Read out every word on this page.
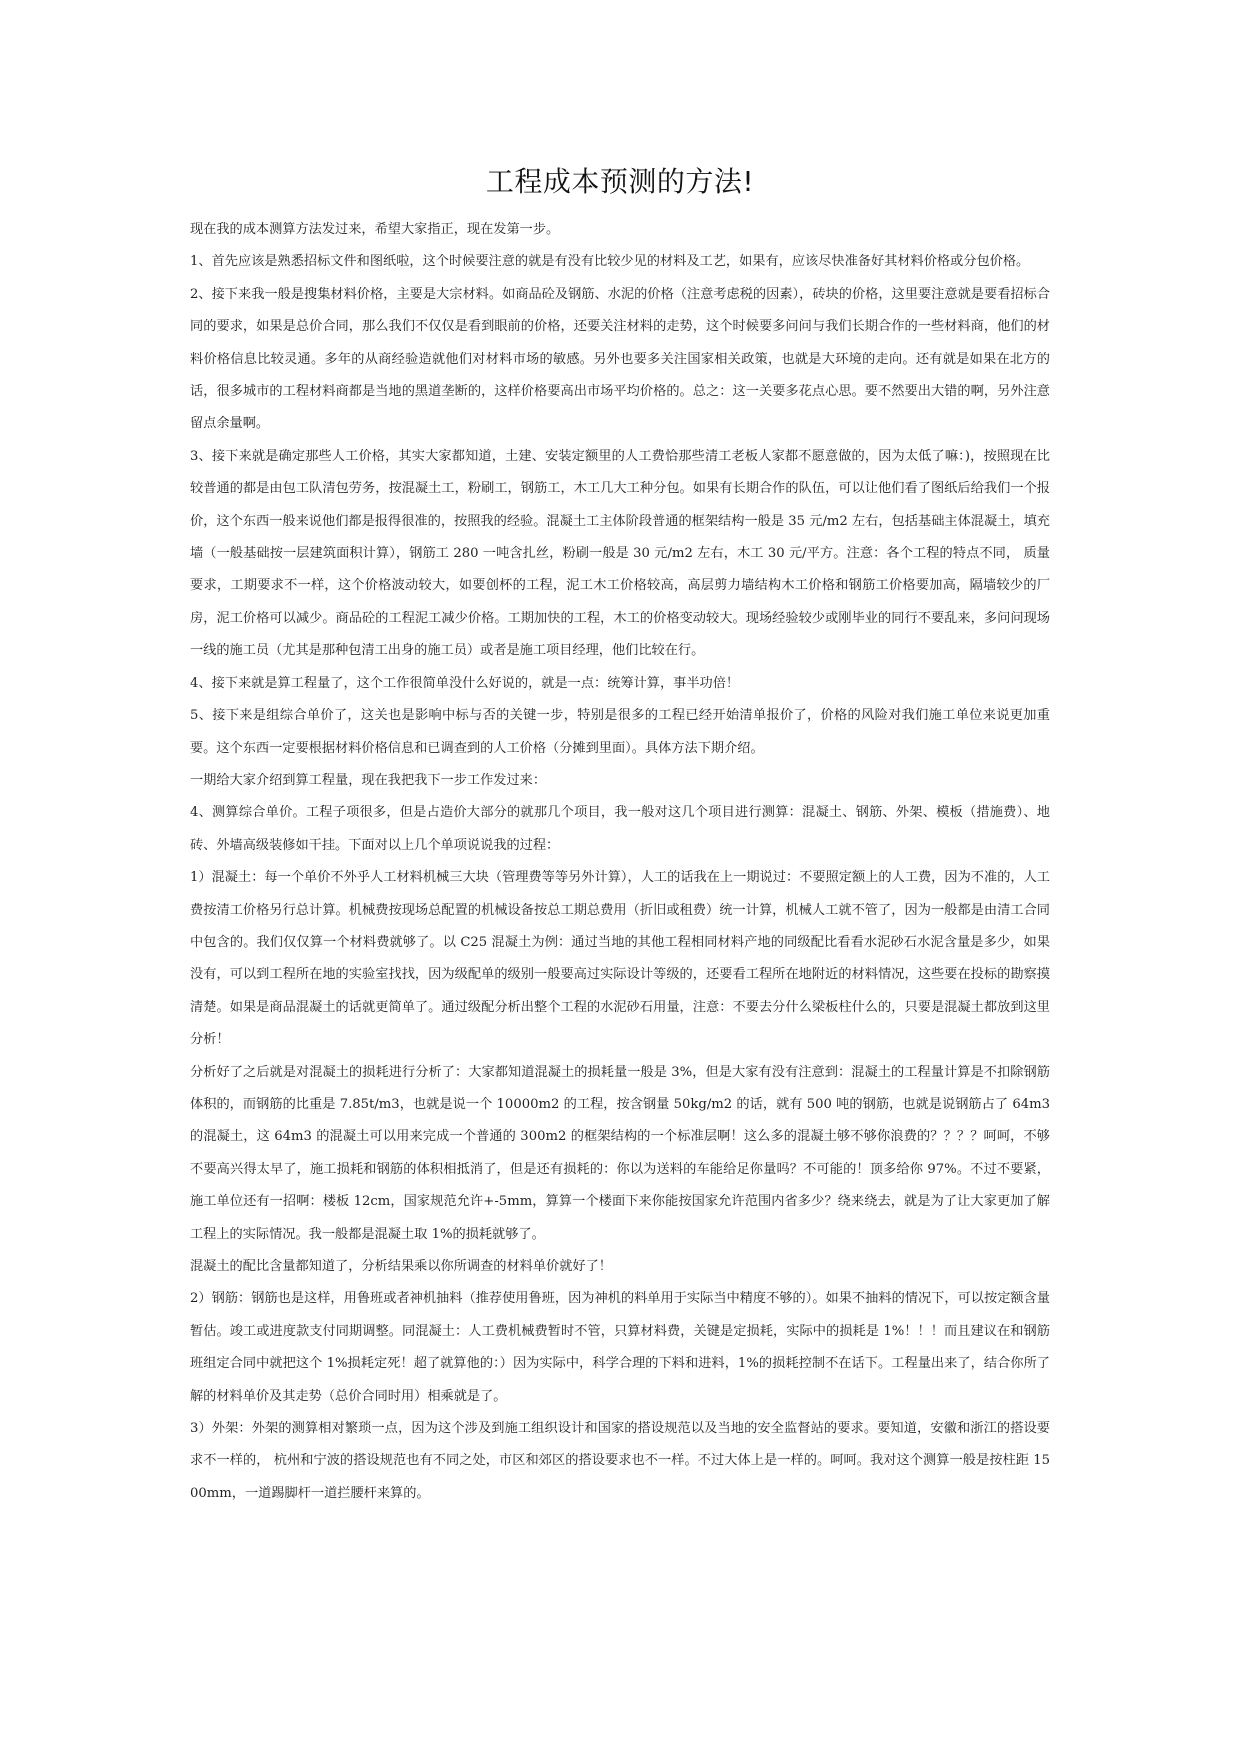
工程成本预测的方法!

现在我的成本测算方法发过来，希望大家指正，现在发第一步。

1、首先应该是熟悉招标文件和图纸啦，这个时候要注意的就是有没有比较少见的材料及工艺，如果有，应该尽快准备好其材料价格或分包价格。

2、接下来我一般是搜集材料价格，主要是大宗材料。如商品砼及钢筋、水泥的价格（注意考虑税的因素），砖块的价格，这里要注意就是要看招标合同的要求，如果是总价合同，那么我们不仅仅是看到眼前的价格，还要关注材料的走势，这个时候要多问问与我们长期合作的一些材料商，他们的材料价格信息比较灵通。多年的从商经验造就他们对材料市场的敏感。另外也要多关注国家相关政策，也就是大环境的走向。还有就是如果在北方的话，很多城市的工程材料商都是当地的黑道垄断的，这样价格要高出市场平均价格的。总之：这一关要多花点心思。要不然要出大错的啊，另外注意留点余量啊。

3、接下来就是确定那些人工价格，其实大家都知道，土建、安装定额里的人工费恰那些清工老板人家都不愿意做的，因为太低了嘛：)，按照现在比较普通的都是由包工队清包劳务，按混凝土工，粉刷工，钢筋工，木工几大工种分包。如果有长期合作的队伍，可以让他们看了图纸后给我们一个报价，这个东西一般来说他们都是报得很准的，按照我的经验。混凝土工主体阶段普通的框架结构一般是 35 元/m2 左右，包括基础主体混凝土，填充墙（一般基础按一层建筑面积计算），钢筋工 280 一吨含扎丝，粉刷一般是 30 元/m2 左右，木工 30 元/平方。注意：各个工程的特点不同， 质量要求，工期要求不一样，这个价格波动较大，如要创杯的工程，泥工木工价格较高，高层剪力墙结构木工价格和钢筋工价格要加高，隔墙较少的厂房，泥工价格可以减少。商品砼的工程泥工减少价格。工期加快的工程，木工的价格变动较大。现场经验较少或刚毕业的同行不要乱来，多问问现场一线的施工员（尤其是那种包清工出身的施工员）或者是施工项目经理，他们比较在行。

4、接下来就是算工程量了，这个工作很简单没什么好说的，就是一点：统筹计算，事半功倍！

5、接下来是组综合单价了，这关也是影响中标与否的关键一步，特别是很多的工程已经开始清单报价了，价格的风险对我们施工单位来说更加重要。这个东西一定要根据材料价格信息和已调查到的人工价格（分摊到里面）。具体方法下期介绍。

一期给大家介绍到算工程量，现在我把我下一步工作发过来：

4、测算综合单价。工程子项很多，但是占造价大部分的就那几个项目，我一般对这几个项目进行测算：混凝土、钢筋、外架、模板（措施费）、地砖、外墙高级装修如干挂。下面对以上几个单项说说我的过程：

1）混凝土：每一个单价不外乎人工材料机械三大块（管理费等等另外计算），人工的话我在上一期说过：不要照定额上的人工费，因为不准的，人工费按清工价格另行总计算。机械费按现场总配置的机械设备按总工期总费用（折旧或租费）统一计算，机械人工就不管了，因为一般都是由清工合同中包含的。我们仅仅算一个材料费就够了。以 C25 混凝土为例：通过当地的其他工程相同材料产地的同级配比看看水泥砂石水泥含量是多少，如果没有，可以到工程所在地的实验室找找，因为级配单的级别一般要高过实际设计等级的，还要看工程所在地附近的材料情况，这些要在投标的勘察摸清楚。如果是商品混凝土的话就更简单了。通过级配分析出整个工程的水泥砂石用量，注意：不要去分什么梁板柱什么的，只要是混凝土都放到这里分析！

分析好了之后就是对混凝土的损耗进行分析了：大家都知道混凝土的损耗量一般是 3%，但是大家有没有注意到：混凝土的工程量计算是不扣除钢筋体积的，而钢筋的比重是 7.85t/m3，也就是说一个 10000m2 的工程，按含钢量 50kg/m2 的话，就有 500 吨的钢筋，也就是说钢筋占了 64m3 的混凝土，这 64m3 的混凝土可以用来完成一个普通的 300m2 的框架结构的一个标准层啊！这么多的混凝土够不够你浪费的？？？？呵呵，不够不要高兴得太早了，施工损耗和钢筋的体积相抵消了，但是还有损耗的：你以为送料的车能给足你量吗？不可能的！顶多给你 97%。不过不要紧，施工单位还有一招啊：楼板 12cm，国家规范允许+-5mm，算算一个楼面下来你能按国家允许范围内省多少？绕来绕去，就是为了让大家更加了解工程上的实际情况。我一般都是混凝土取 1%的损耗就够了。

混凝土的配比含量都知道了，分析结果乘以你所调查的材料单价就好了！

2）钢筋：钢筋也是这样，用鲁班或者神机抽料（推荐使用鲁班，因为神机的料单用于实际当中精度不够的）。如果不抽料的情况下，可以按定额含量暂估。竣工或进度款支付同期调整。同混凝土：人工费机械费暂时不管，只算材料费，关键是定损耗，实际中的损耗是 1%！！！而且建议在和钢筋班组定合同中就把这个 1%损耗定死！超了就算他的：）因为实际中，科学合理的下料和进料，1%的损耗控制不在话下。工程量出来了，结合你所了解的材料单价及其走势（总价合同时用）相乘就是了。

3）外架：外架的测算相对繁琐一点，因为这个涉及到施工组织设计和国家的搭设规范以及当地的安全监督站的要求。要知道，安徽和浙江的搭设要求不一样的， 杭州和宁波的搭设规范也有不同之处，市区和郊区的搭设要求也不一样。不过大体上是一样的。呵呵。我对这个测算一般是按柱距 1500mm，一道踢脚杆一道拦腰杆来算的。
